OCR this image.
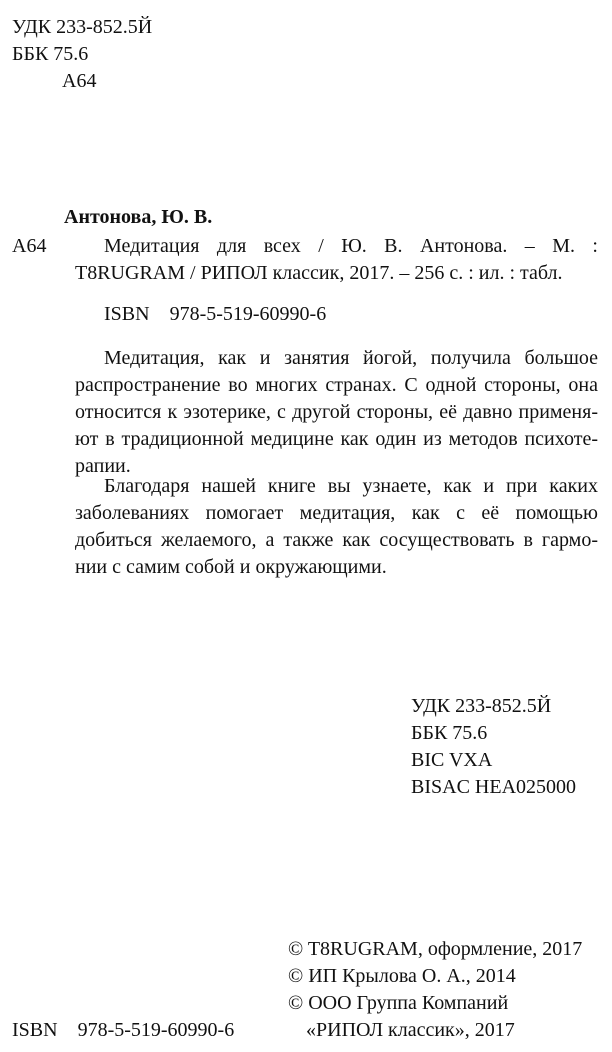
УДК 233-852.5Й
ББК 75.6
А64
Антонова, Ю. В.
А64	Медитация для всех / Ю. В. Антонова. – М. :
T8RUGRAM / РИПОЛ классик, 2017. – 256 с. : ил. : табл.
ISBN    978-5-519-60990-6
Медитация, как и занятия йогой, получила большое распространение во многих странах. С одной стороны, она относится к эзотерике, с другой стороны, её давно применя-ют в традиционной медицине как один из методов психоте-рапии.
Благодаря нашей книге вы узнаете, как и при каких заболеваниях помогает медитация, как с её помощью добиться желаемого, а также как сосуществовать в гармо-нии с самим собой и окружающими.
УДК 233-852.5Й
ББК 75.6
BIC VXA
BISAC HEA025000
© T8RUGRAM, оформление, 2017
© ИП Крылова О. А., 2014
© ООО Группа Компаний
«РИПОЛ классик», 2017
ISBN    978-5-519-60990-6
